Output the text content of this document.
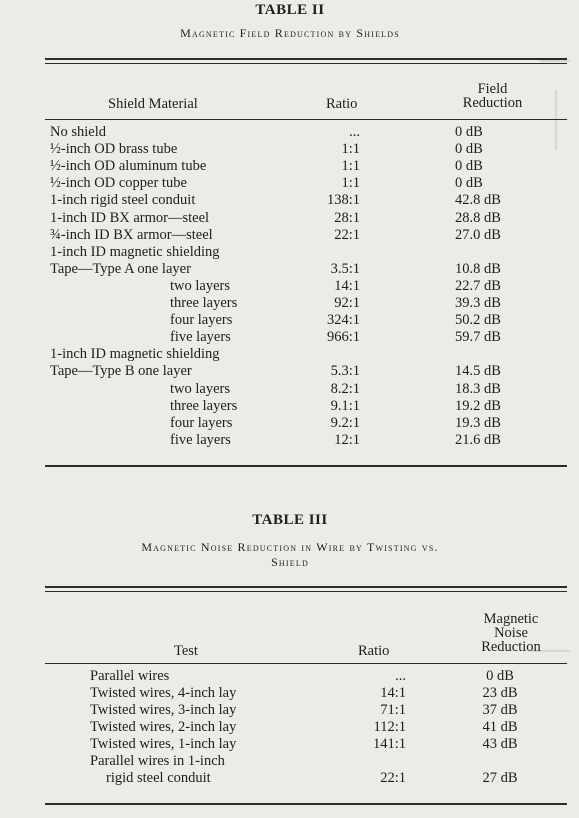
TABLE II
Magnetic Field Reduction by Shields
Shield Material	Ratio
Field
Reduction
No shield	...	0 dB
½-inch OD brass tube	1:1	0 dB
½-inch OD aluminum tube	1:1	0 dB
½-inch OD copper tube	1:1	0 dB
1-inch rigid steel conduit	138:1	42.8 dB
1-inch ID BX armor—steel	28:1	28.8 dB
¾-inch ID BX armor—steel	22:1	27.0 dB
1-inch ID magnetic shielding
Tape—Type A one layer	3.5:1	10.8 dB
two layers	14:1	22.7 dB
three layers	92:1	39.3 dB
four layers	324:1	50.2 dB
five layers	966:1	59.7 dB
1-inch ID magnetic shielding
Tape—Type B one layer	5.3:1	14.5 dB
two layers	8.2:1	18.3 dB
three layers	9.1:1	19.2 dB
four layers	9.2:1	19.3 dB
five layers	12:1	21.6 dB
TABLE III
Magnetic Noise Reduction in Wire by Twisting vs.
Shield
Test	Ratio
Magnetic
Noise
Reduction
Parallel wires	...	0 dB
Twisted wires, 4-inch lay	14:1	23 dB
Twisted wires, 3-inch lay	71:1	37 dB
Twisted wires, 2-inch lay	112:1	41 dB
Twisted wires, 1-inch lay	141:1	43 dB
Parallel wires in 1-inch
rigid steel conduit	22:1	27 dB
